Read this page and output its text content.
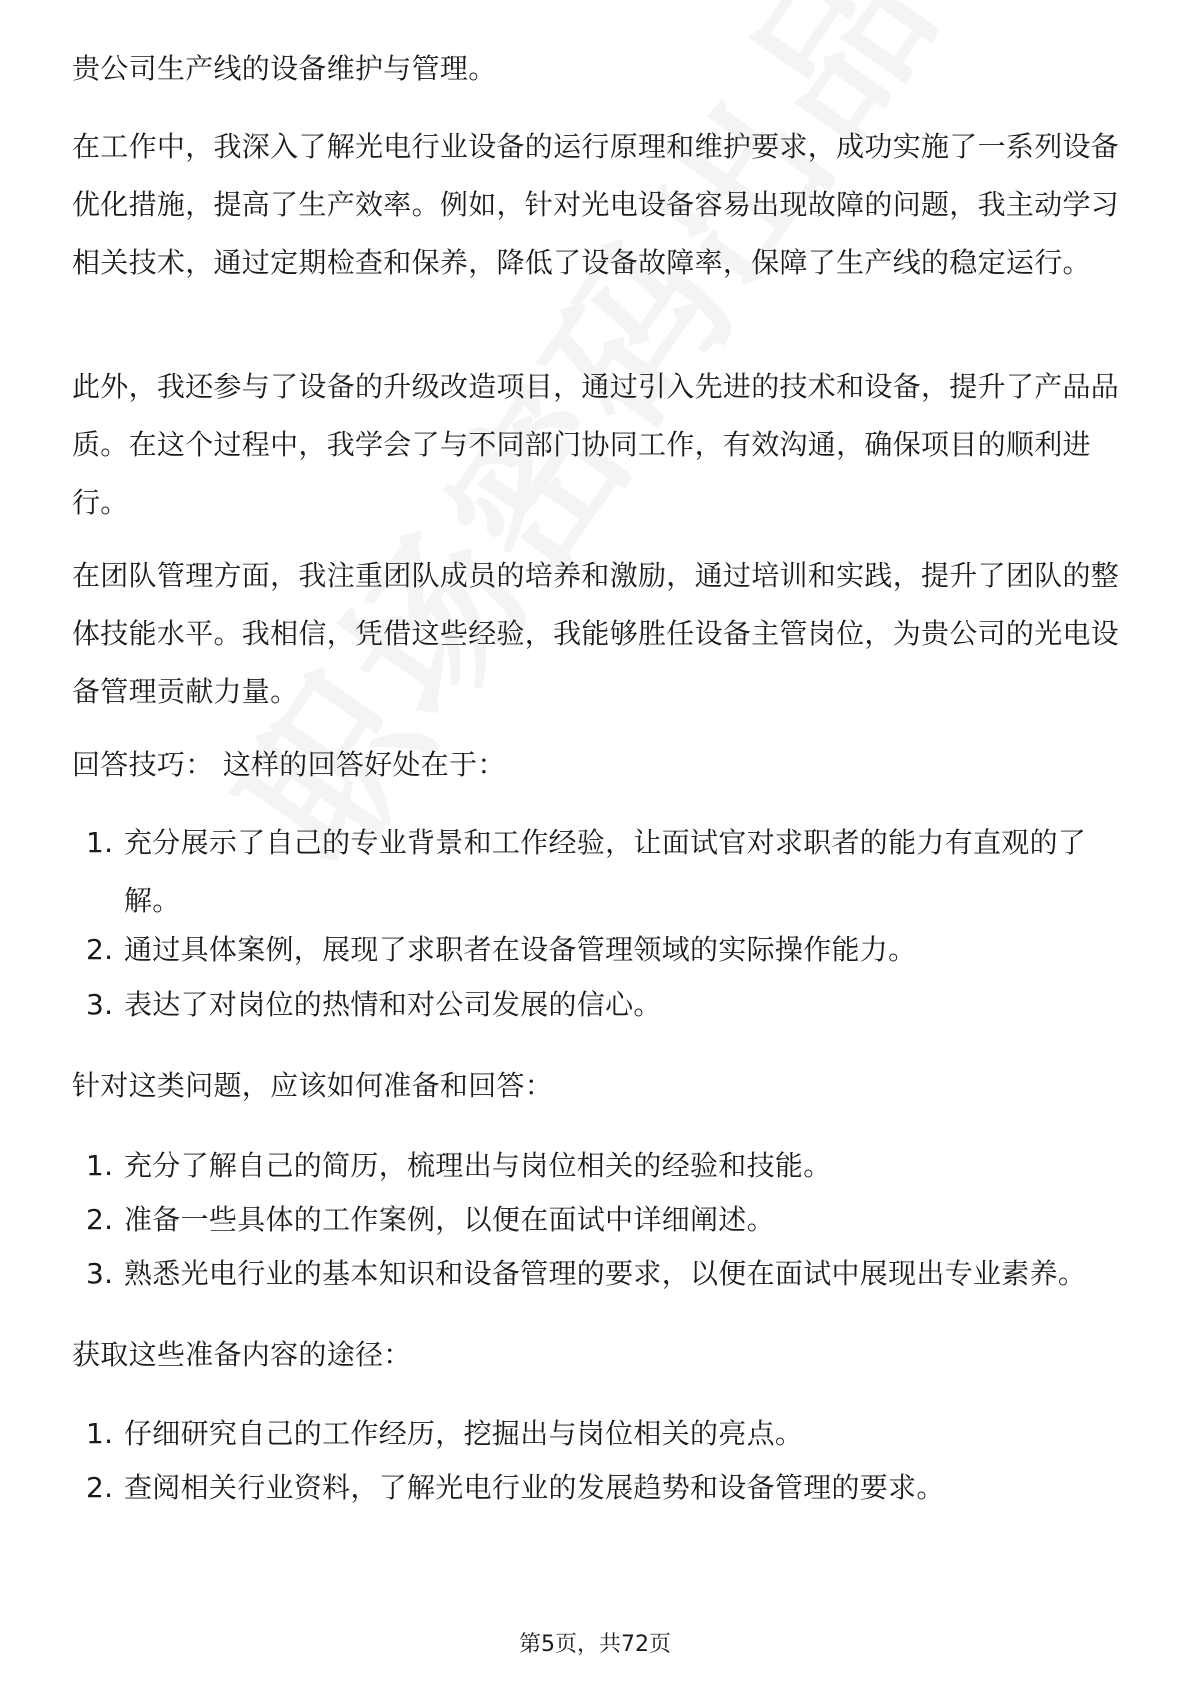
贵公司生产线的设备维护与管理。

在工作中，我深入了解光电行业设备的运行原理和维护要求，成功实施了一系列设备优化措施，提高了生产效率。例如，针对光电设备容易出现故障的问题，我主动学习相关技术，通过定期检查和保养，降低了设备故障率，保障了生产线的稳定运行。

此外，我还参与了设备的升级改造项目，通过引入先进的技术和设备，提升了产品品质。在这个过程中，我学会了与不同部门协同工作，有效沟通，确保项目的顺利进行。

在团队管理方面，我注重团队成员的培养和激励，通过培训和实践，提升了团队的整体技能水平。我相信，凭借这些经验，我能够胜任设备主管岗位，为贵公司的光电设备管理贡献力量。

回答技巧： 这样的回答好处在于：

1. 充分展示了自己的专业背景和工作经验，让面试官对求职者的能力有直观的了解。
2. 通过具体案例，展现了求职者在设备管理领域的实际操作能力。
3. 表达了对岗位的热情和对公司发展的信心。

针对这类问题，应该如何准备和回答：

1. 充分了解自己的简历，梳理出与岗位相关的经验和技能。
2. 准备一些具体的工作案例，以便在面试中详细阐述。
3. 熟悉光电行业的基本知识和设备管理的要求，以便在面试中展现出专业素养。

获取这些准备内容的途径：

1. 仔细研究自己的工作经历，挖掘出与岗位相关的亮点。
2. 查阅相关行业资料，了解光电行业的发展趋势和设备管理的要求。
第5页，共72页
